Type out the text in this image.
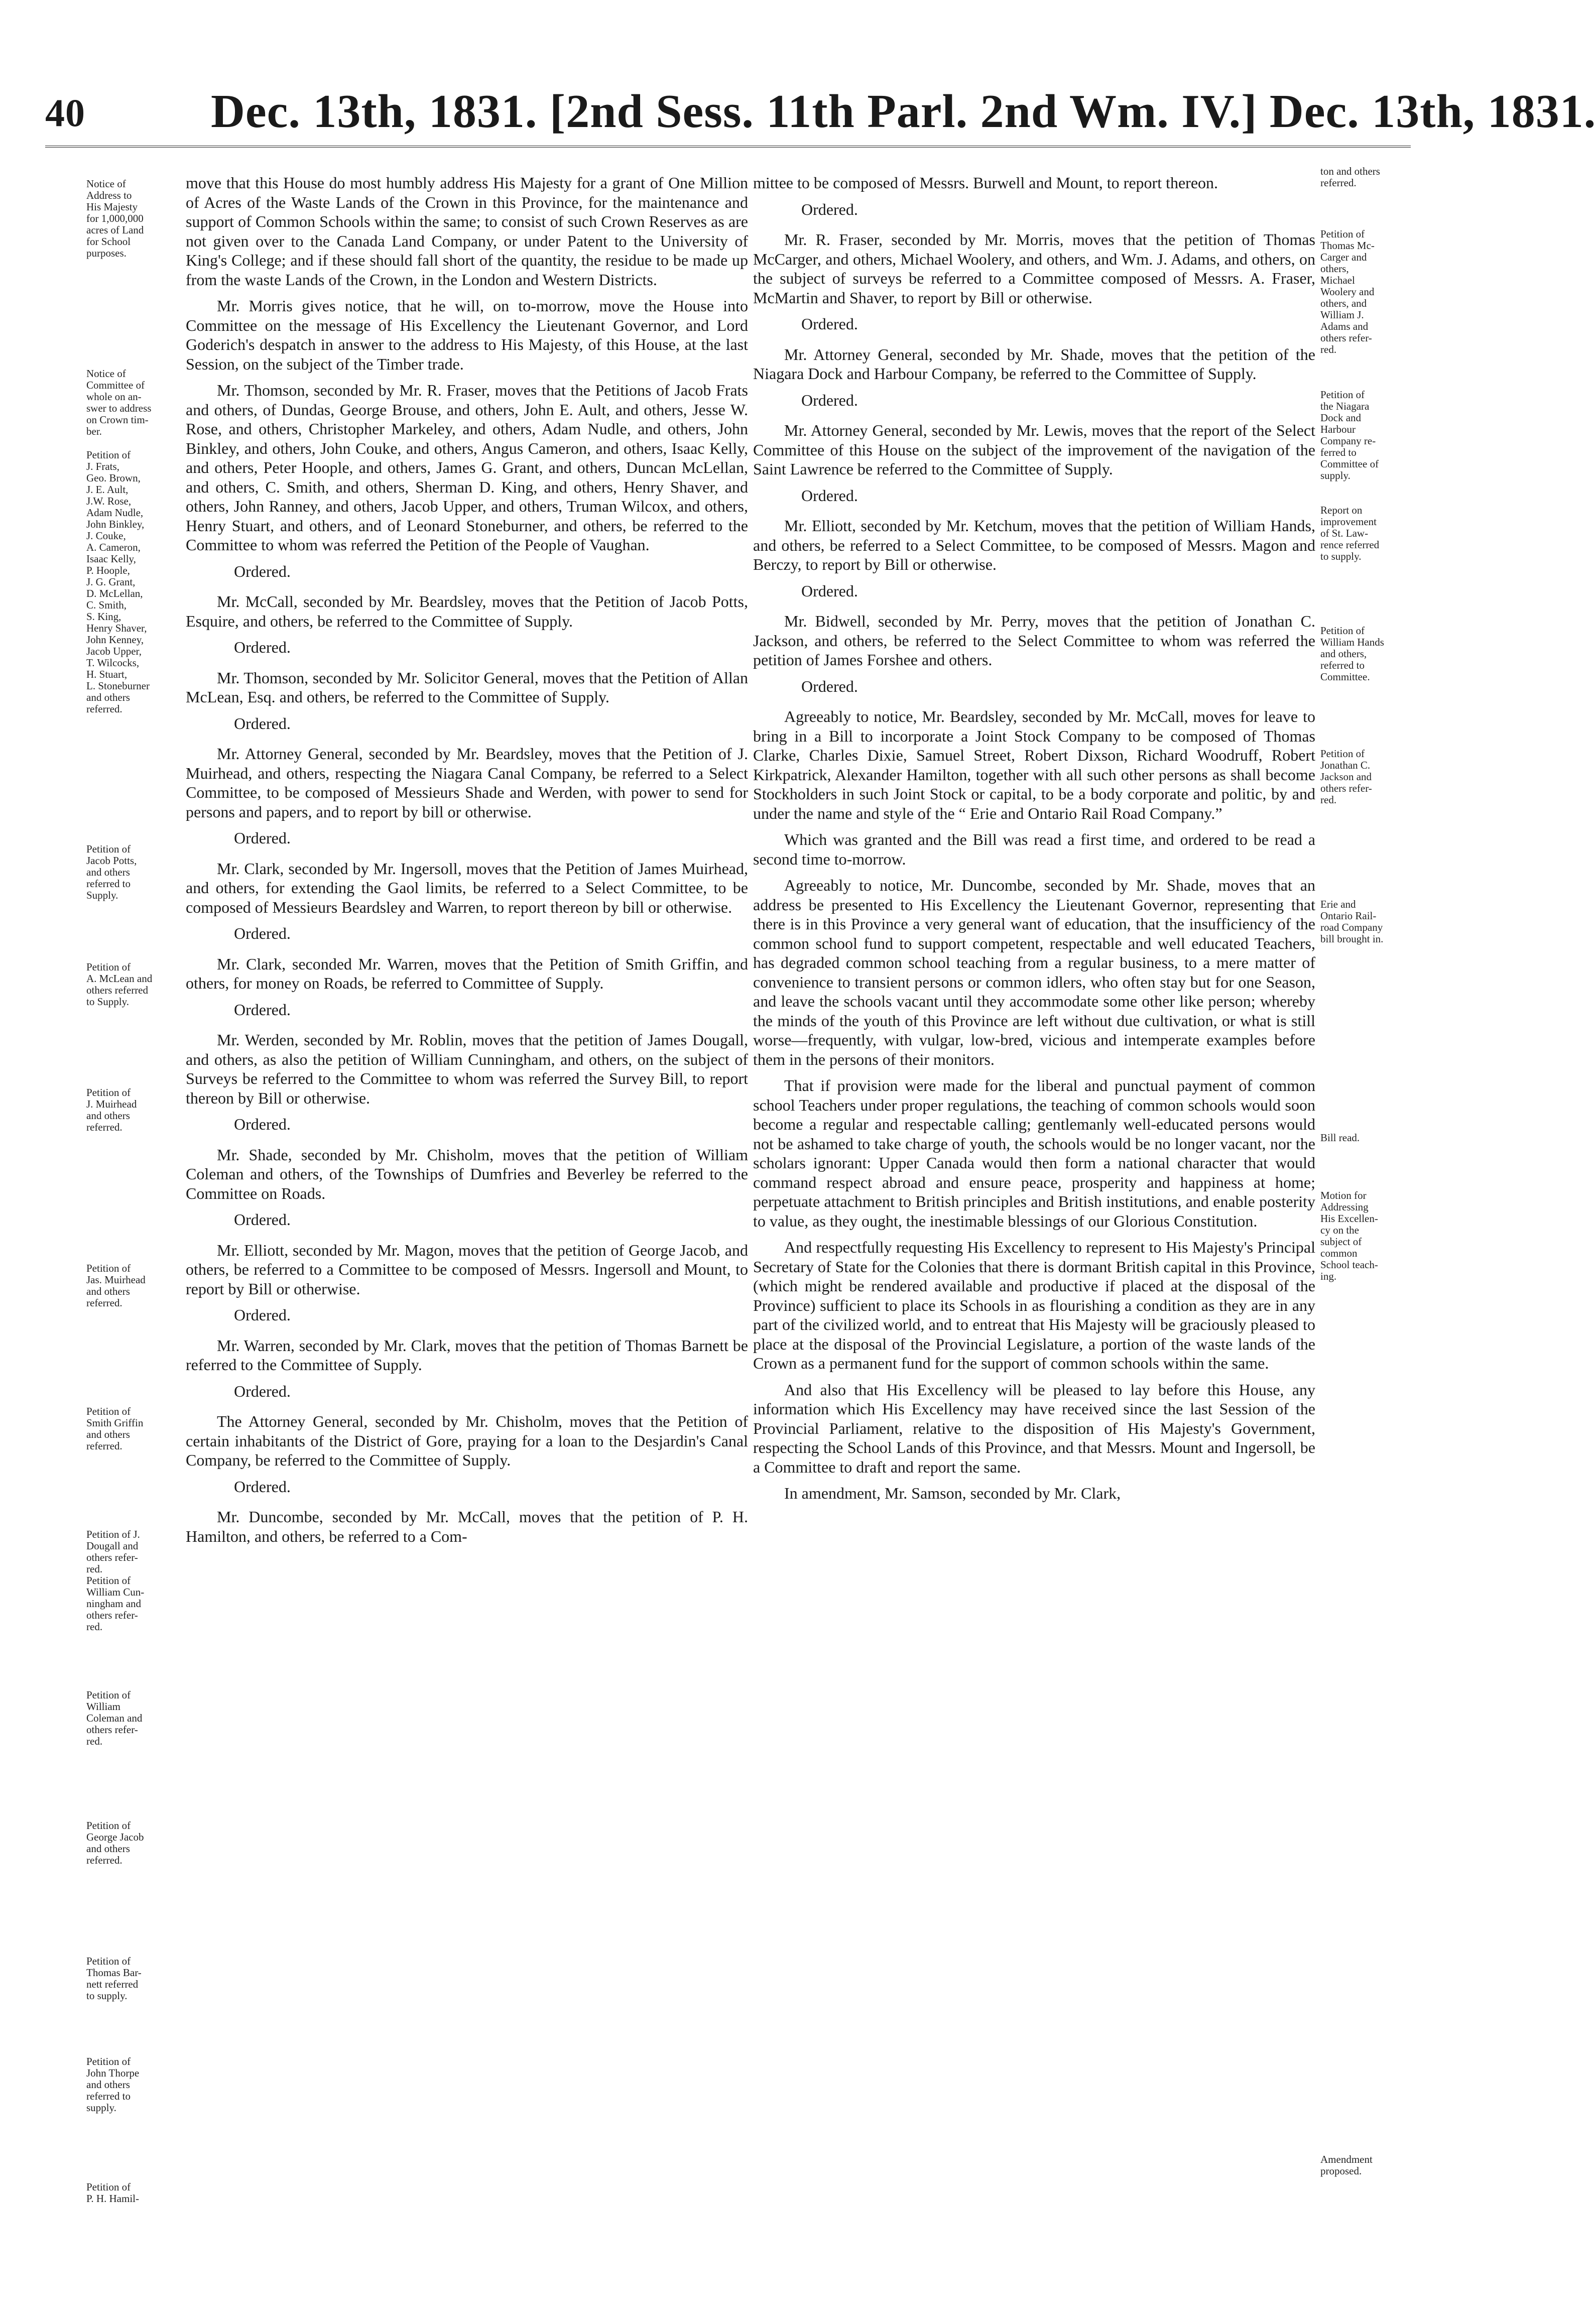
40	Dec. 13th, 1831. [2nd Sess. 11th Parl. 2nd Wm. IV.] Dec. 13th, 1831.
Notice of
Address to
His Majesty
for 1,000,000
acres of Land
for School
purposes.
Notice of
Committee of
whole on an-
swer to address
on Crown tim-
ber.
Petition of
J. Frats,
Geo. Brown,
J. E. Ault,
J.W. Rose,
Adam Nudle,
John Binkley,
J. Couke,
A. Cameron,
Isaac Kelly,
P. Hoople,
J. G. Grant,
D. McLellan,
C. Smith,
S. King,
Henry Shaver,
John Kenney,
Jacob Upper,
T. Wilcocks,
H. Stuart,
L. Stoneburner
and others
referred.
Petition of
Jacob Potts,
and others
referred to
Supply.
Petition of
A. McLean and
others referred
to Supply.
Petition of
J. Muirhead
and others
referred.
Petition of
Jas. Muirhead
and others
referred.
Petition of
Smith Griffin
and others
referred.
Petition of J.
Dougall and
others refer-
red.
Petition of
William Cun-
ningham and
others refer-
red.
Petition of
William
Coleman and
others refer-
red.
Petition of
George Jacob
and others
referred.
Petition of
Thomas Bar-
nett referred
to supply.
Petition of
John Thorpe
and others
referred to
supply.
Petition of
P. H. Hamil-

move that this House do most humbly address His Majesty for a grant of One Million of Acres of the Waste Lands of the Crown in this Province, for the maintenance and support of Common Schools within the same; to consist of such Crown Reserves as are not given over to the Canada Land Company, or under Patent to the University of King's College; and if these should fall short of the quantity, the residue to be made up from the waste Lands of the Crown, in the London and Western Districts.

Mr. Morris gives notice, that he will, on to-morrow, move the House into Committee on the message of His Excellency the Lieutenant Governor, and Lord Goderich's despatch in answer to the address to His Majesty, of this House, at the last Session, on the subject of the Timber trade.

Mr. Thomson, seconded by Mr. R. Fraser, moves that the Petitions of Jacob Frats and others, of Dundas, George Brouse, and others, John E. Ault, and others, Jesse W. Rose, and others, Christopher Markeley, and others, Adam Nudle, and others, John Binkley, and others, John Couke, and others, Angus Cameron, and others, Isaac Kelly, and others, Peter Hoople, and others, James G. Grant, and others, Duncan McLellan, and others, C. Smith, and others, Sherman D. King, and others, Henry Shaver, and others, John Ranney, and others, Jacob Upper, and others, Truman Wilcox, and others, Henry Stuart, and others, and of Leonard Stoneburner, and others, be referred to the Committee to whom was referred the Petition of the People of Vaughan.

Ordered.

Mr. McCall, seconded by Mr. Beardsley, moves that the Petition of Jacob Potts, Esquire, and others, be referred to the Committee of Supply.

Ordered.

Mr. Thomson, seconded by Mr. Solicitor General, moves that the Petition of Allan McLean, Esq. and others, be referred to the Committee of Supply.

Ordered.

Mr. Attorney General, seconded by Mr. Beardsley, moves that the Petition of J. Muirhead, and others, respecting the Niagara Canal Company, be referred to a Select Committee, to be composed of Messieurs Shade and Werden, with power to send for persons and papers, and to report by bill or otherwise.

Ordered.

Mr. Clark, seconded by Mr. Ingersoll, moves that the Petition of James Muirhead, and others, for extending the Gaol limits, be referred to a Select Committee, to be composed of Messieurs Beardsley and Warren, to report thereon by bill or otherwise.

Ordered.

Mr. Clark, seconded Mr. Warren, moves that the Petition of Smith Griffin, and others, for money on Roads, be referred to Committee of Supply.

Ordered.

Mr. Werden, seconded by Mr. Roblin, moves that the petition of James Dougall, and others, as also the petition of William Cunningham, and others, on the subject of Surveys be referred to the Committee to whom was referred the Survey Bill, to report thereon by Bill or otherwise.

Ordered.

Mr. Shade, seconded by Mr. Chisholm, moves that the petition of William Coleman and others, of the Townships of Dumfries and Beverley be referred to the Committee on Roads.

Ordered.

Mr. Elliott, seconded by Mr. Magon, moves that the petition of George Jacob, and others, be referred to a Committee to be composed of Messrs. Ingersoll and Mount, to report by Bill or otherwise.

Ordered.

Mr. Warren, seconded by Mr. Clark, moves that the petition of Thomas Barnett be referred to the Committee of Supply.

Ordered.

The Attorney General, seconded by Mr. Chisholm, moves that the Petition of certain inhabitants of the District of Gore, praying for a loan to the Desjardin's Canal Company, be referred to the Committee of Supply.

Ordered.

Mr. Duncombe, seconded by Mr. McCall, moves that the petition of P. H. Hamilton, and others, be referred to a Com-

mittee to be composed of Messrs. Burwell and Mount, to report thereon.

Ordered.

Mr. R. Fraser, seconded by Mr. Morris, moves that the petition of Thomas McCarger, and others, Michael Woolery, and others, and Wm. J. Adams, and others, on the subject of surveys be referred to a Committee composed of Messrs. A. Fraser, McMartin and Shaver, to report by Bill or otherwise.

Ordered.

Mr. Attorney General, seconded by Mr. Shade, moves that the petition of the Niagara Dock and Harbour Company, be referred to the Committee of Supply.

Ordered.

Mr. Attorney General, seconded by Mr. Lewis, moves that the report of the Select Committee of this House on the subject of the improvement of the navigation of the Saint Lawrence be referred to the Committee of Supply.

Ordered.

Mr. Elliott, seconded by Mr. Ketchum, moves that the petition of William Hands, and others, be referred to a Select Committee, to be composed of Messrs. Magon and Berczy, to report by Bill or otherwise.

Ordered.

Mr. Bidwell, seconded by Mr. Perry, moves that the petition of Jonathan C. Jackson, and others, be referred to the Select Committee to whom was referred the petition of James Forshee and others.

Ordered.

Agreeably to notice, Mr. Beardsley, seconded by Mr. McCall, moves for leave to bring in a Bill to incorporate a Joint Stock Company to be composed of Thomas Clarke, Charles Dixie, Samuel Street, Robert Dixson, Richard Woodruff, Robert Kirkpatrick, Alexander Hamilton, together with all such other persons as shall become Stockholders in such Joint Stock or capital, to be a body corporate and politic, by and under the name and style of the “ Erie and Ontario Rail Road Company.”

Which was granted and the Bill was read a first time, and ordered to be read a second time to-morrow.

Agreeably to notice, Mr. Duncombe, seconded by Mr. Shade, moves that an address be presented to His Excellency the Lieutenant Governor, representing that there is in this Province a very general want of education, that the insufficiency of the common school fund to support competent, respectable and well educated Teachers, has degraded common school teaching from a regular business, to a mere matter of convenience to transient persons or common idlers, who often stay but for one Season, and leave the schools vacant until they accommodate some other like person; whereby the minds of the youth of this Province are left without due cultivation, or what is still worse—frequently, with vulgar, low-bred, vicious and intemperate examples before them in the persons of their monitors.

That if provision were made for the liberal and punctual payment of common school Teachers under proper regulations, the teaching of common schools would soon become a regular and respectable calling; gentlemanly well-educated persons would not be ashamed to take charge of youth, the schools would be no longer vacant, nor the scholars ignorant: Upper Canada would then form a national character that would command respect abroad and ensure peace, prosperity and happiness at home; perpetuate attachment to British principles and British institutions, and enable posterity to value, as they ought, the inestimable blessings of our Glorious Constitution.

And respectfully requesting His Excellency to represent to His Majesty's Principal Secretary of State for the Colonies that there is dormant British capital in this Province, (which might be rendered available and productive if placed at the disposal of the Province) sufficient to place its Schools in as flourishing a condition as they are in any part of the civilized world, and to entreat that His Majesty will be graciously pleased to place at the disposal of the Provincial Legislature, a portion of the waste lands of the Crown as a permanent fund for the support of common schools within the same.

And also that His Excellency will be pleased to lay before this House, any information which His Excellency may have received since the last Session of the Provincial Parliament, relative to the disposition of His Majesty's Government, respecting the School Lands of this Province, and that Messrs. Mount and Ingersoll, be a Committee to draft and report the same.

In amendment, Mr. Samson, seconded by Mr. Clark,

ton and others
referred.
Petition of
Thomas Mc-
Carger and
others,
Michael
Woolery and
others, and
William J.
Adams and
others refer-
red.
Petition of
the Niagara
Dock and
Harbour
Company re-
ferred to
Committee of
supply.
Report on
improvement
of St. Law-
rence referred
to supply.
Petition of
William Hands
and others,
referred to
Committee.
Petition of
Jonathan C.
Jackson and
others refer-
red.
Erie and
Ontario Rail-
road Company
bill brought in.
Bill read.
Motion for
Addressing
His Excellen-
cy on the
subject of
common
School teach-
ing.
Amendment
proposed.
